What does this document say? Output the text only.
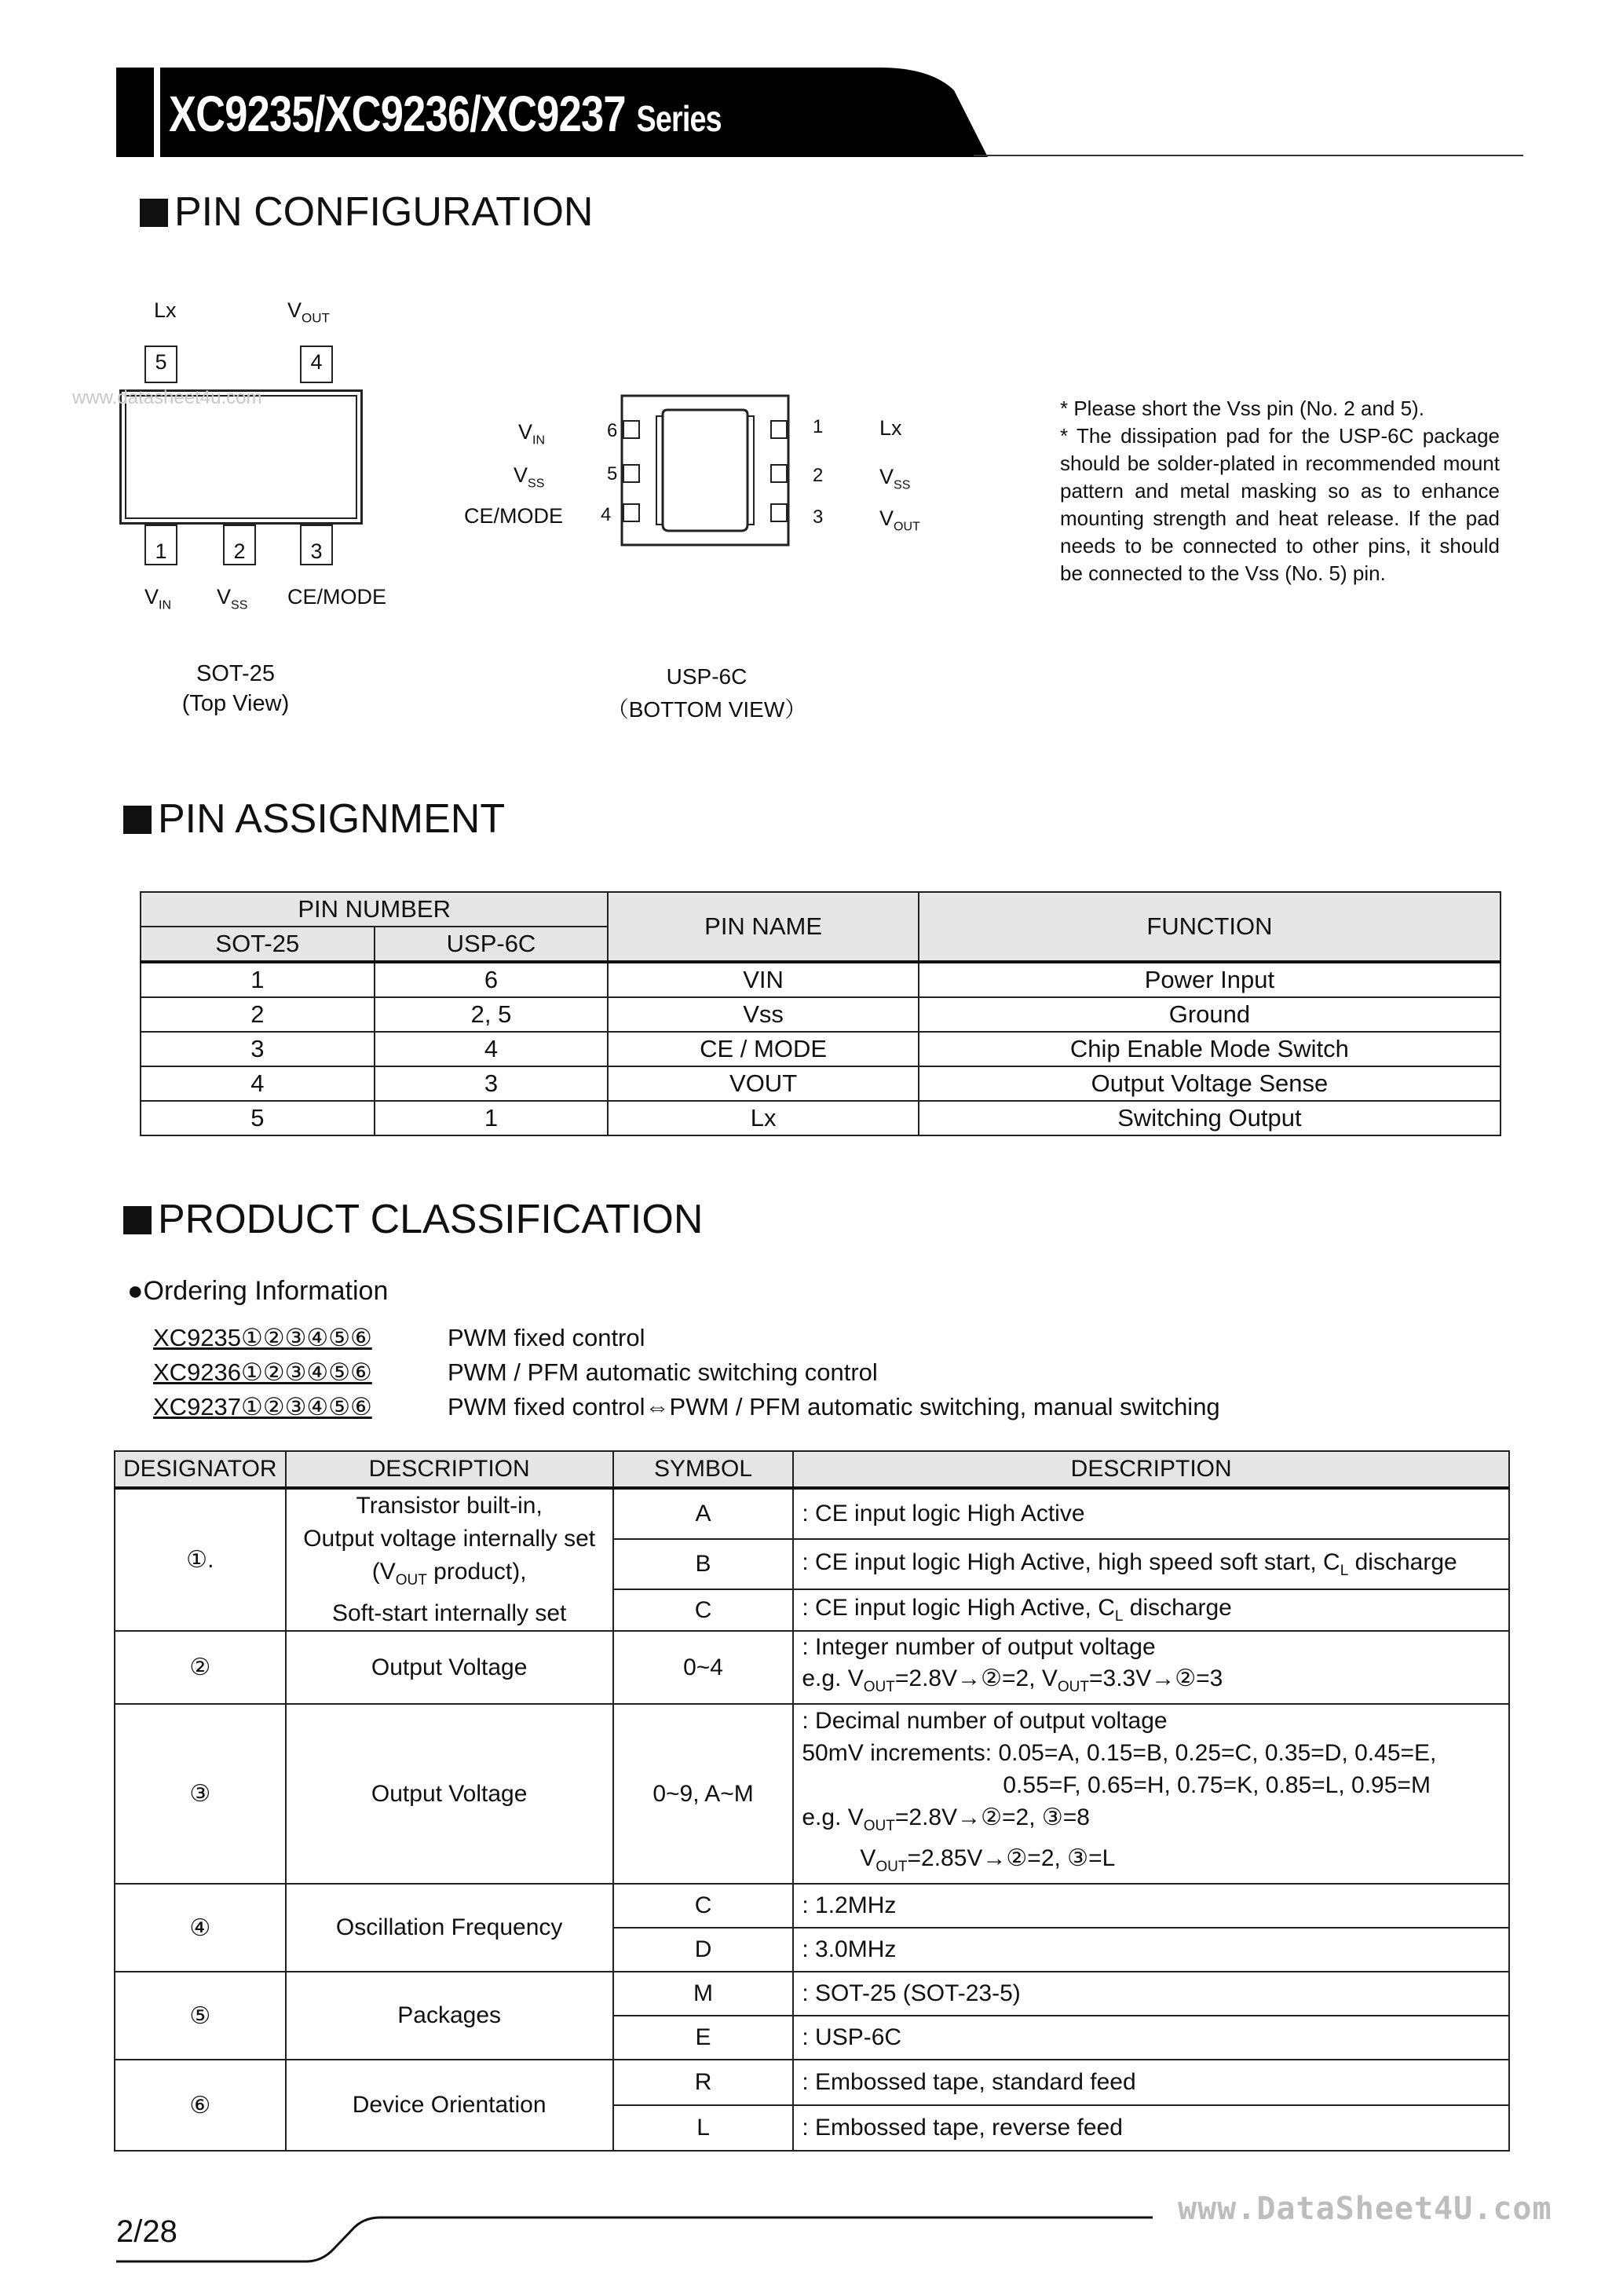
XC9235/XC9236/XC9237 Series
PIN CONFIGURATION
Lx	$V_{OUT}$
5	4
www.datasheet4u.com
1	2	3
$V_{IN}$ $V_{SS}$ CE/MODE
SOT-25
(Top View)
$V_{IN}$	6
$V_{SS}$	5
CE/MODE 4
1	Lx
2	$V_{SS}$
3	$V_{OUT}$
USP-6C
（BOTTOM VIEW）

* Please short the Vss pin (No. 2 and 5).

* The dissipation pad for the USP-6C package should be solder-plated in recommended mount pattern and metal masking so as to enhance mounting strength and heat release. If the pad needs to be connected to other pins, it should be connected to the Vss (No. 5) pin.

PIN ASSIGNMENT
PIN NUMBER		PIN NAME	FUNCTION
SOT-25	USP-6C		
1	6	VIN	Power Input
2	2, 5	Vss	Ground
3	4	CE / MODE	Chip Enable Mode Switch
4	3	VOUT	Output Voltage Sense
5	1	Lx	Switching Output
PRODUCT CLASSIFICATION
●Ordering Information
XC9235①②③④⑤⑥	PWM fixed control
XC9236①②③④⑤⑥	PWM / PFM automatic switching control
XC9237①②③④⑤⑥	PWM fixed control⇔PWM / PFM automatic switching, manual switching
DESIGNATOR	DESCRIPTION	SYMBOL	DESCRIPTION
①.	Transistor built-in,
Output voltage internally set
($V_{OUT}$ product),
Soft-start internally set	A	: CE input logic High Active
		B	: CE input logic High Active, high speed soft start, $C_L$ discharge
		C	: CE input logic High Active, $C_L$ discharge
②	Output Voltage	0~4	: Integer number of output voltage
e.g. $V_{OUT}=2.8V\to ②=2$, $V_{OUT}=3.3V\to ②=3$

③	Output Voltage	0~9, A~M	: Decimal number of output voltage
50mV increments: 0.05=A, 0.15=B, 0.25=C, 0.35=D, 0.45=E,
0.55=F, 0.65=H, 0.75=K, 0.85=L, 0.95=M
e.g. $V_{OUT}=2.8V\to ②=2$, ③=8
$V_{OUT}=2.85V\to ②=2$, ③=L

④	Oscillation Frequency	C	: 1.2MHz
		D	: 3.0MHz
⑤	Packages	M	: SOT-25 (SOT-23-5)
		E	: USP-6C
⑥	Device Orientation	R	: Embossed tape, standard feed
		L	: Embossed tape, reverse feed
2/28
www.DataSheet4U.com
